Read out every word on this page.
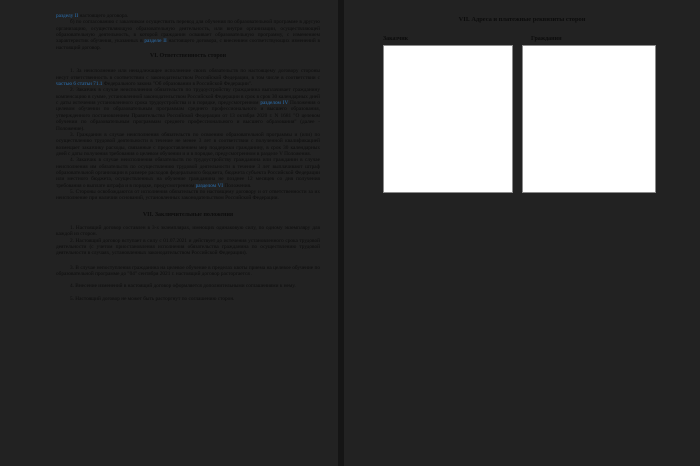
разделу II настоящего договора.

б) по согласованию с заказчиком осуществить перевод для обучения по образовательной программе в другую организацию, осуществляющую образовательную деятельность, или внутри организации, осуществляющей образовательную деятельность, в которой гражданин осваивает образовательную программу, с изменением характеристик обучения, указанных в разделе II настоящего договора, с внесением соответствующих изменений в настоящий договор.

VI. Ответственность сторон

1. За неисполнение или ненадлежащее исполнение своих обязательств по настоящему договору стороны несут ответственность в соответствии с законодательством Российской Федерации, в том числе в соответствии с частью 6 статьи 71.1 Федерального закона "Об образовании в Российской Федерации".

2. Заказчик в случае неисполнения обязательств по трудоустройству гражданина выплачивает гражданину компенсацию в сумме, установленной законодательством Российской Федерации в срок в срок 30 календарных дней с даты истечения установленного срока трудоустройства и в порядке, предусмотренном разделом IV Положения о целевом обучении по образовательным программам среднего профессионального и высшего образования, утвержденного постановлением Правительства Российской Федерации от 13 октября 2020 г. N 1681 "О целевом обучении по образовательным программам среднего профессионального и высшего образования" (далее - Положение).

3. Гражданин в случае неисполнения обязательств по освоению образовательной программы и (или) по осуществлению трудовой деятельности в течение не менее 3 лет в соответствии с полученной квалификацией возмещает заказчику расходы, связанные с предоставлением мер поддержки гражданину, в срок 30 календарных дней с даты получения требования о целевом обучении и и в порядке, предусмотренном в разделе V Положения.

4. Заказчик в случае неисполнения обязательств по трудоустройству гражданина или гражданин в случае неисполнения им обязательств по осуществлению трудовой деятельности в течение 3 лет выплачивают штраф образовательной организации в размере расходов федерального бюджета, бюджета субъекта Российской Федерации или местного бюджета, осуществленных на обучение гражданина не позднее 12 месяцев со дня получения требования о выплате штрафа и в порядке, предусмотренном разделом VI Положения.

5. Стороны освобождаются от исполнения обязательств по настоящему договору и от ответственности за их неисполнение при наличии оснований, установленных законодательством Российской Федерации.

VII. Заключительные положения

1. Настоящий договор составлен в 3-х экземплярах, имеющих одинаковую силу, по одному экземпляру для каждой из сторон.

2. Настоящий договор вступает в силу с 01.07.2021 и действует до истечения установленного срока трудовой деятельности (с учетом приостановления исполнения обязательства гражданина по осуществлению трудовой деятельности в случаях, установленных законодательством Российской Федерации).

3. В случае непоступления гражданина на целевое обучение в пределах квоты приема на целевое обучение по образовательной программе до "04" сентября 2021 г. настоящий договор расторгается .

4. Внесение изменений в настоящий договор оформляется дополнительными соглашениями к нему.

5. Настоящий договор не может быть расторгнут по соглашению сторон.

VII. Адреса и платежные реквизиты сторон
Заказчик	Гражданин
